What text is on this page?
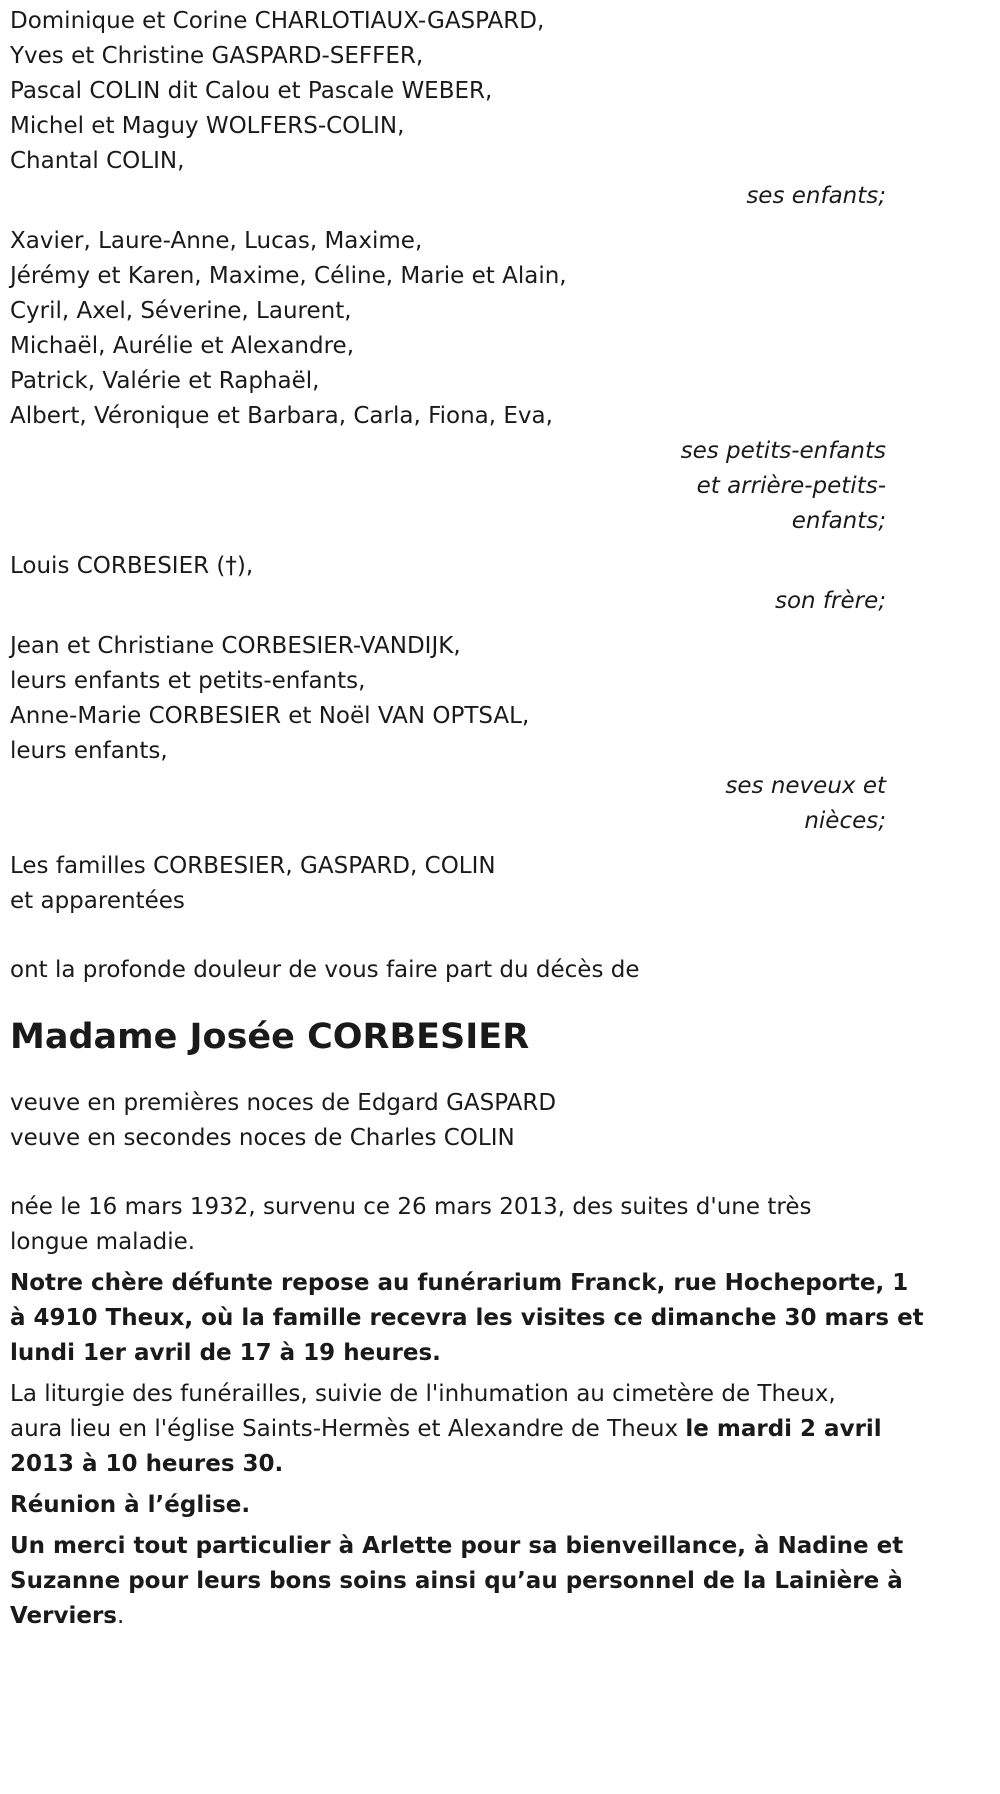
Dominique et Corine CHARLOTIAUX-GASPARD,
Yves et Christine GASPARD-SEFFER,
Pascal COLIN dit Calou et Pascale WEBER,
Michel et Maguy WOLFERS-COLIN,
Chantal COLIN,
ses enfants;
Xavier, Laure-Anne, Lucas, Maxime,
Jérémy et Karen, Maxime, Céline, Marie et Alain,
Cyril, Axel, Séverine, Laurent,
Michaël, Aurélie et Alexandre,
Patrick, Valérie et Raphaël,
Albert, Véronique et Barbara, Carla, Fiona, Eva,
ses petits-enfants
et arrière-petits-
enfants;
Louis CORBESIER (†),
son frère;
Jean et Christiane CORBESIER-VANDIJK,
leurs enfants et petits-enfants,
Anne-Marie CORBESIER et Noël VAN OPTSAL,
leurs enfants,
ses neveux et
nièces;
Les familles CORBESIER, GASPARD, COLIN
et apparentées
ont la profonde douleur de vous faire part du décès de
Madame Josée CORBESIER
veuve en premières noces de Edgard GASPARD
veuve en secondes noces de Charles COLIN
née le 16 mars 1932, survenu ce 26 mars 2013, des suites d'une très
longue maladie.
Notre chère défunte repose au funérarium Franck, rue Hocheporte, 1
à 4910 Theux, où la famille recevra les visites ce dimanche 30 mars et
lundi 1er avril de 17 à 19 heures.
La liturgie des funérailles, suivie de l'inhumation au cimetère de Theux,
aura lieu en l'église Saints-Hermès et Alexandre de Theux le mardi 2 avril
2013 à 10 heures 30.
Réunion à l’église.
Un merci tout particulier à Arlette pour sa bienveillance, à Nadine et
Suzanne pour leurs bons soins ainsi qu’au personnel de la Lainière à
Verviers.
